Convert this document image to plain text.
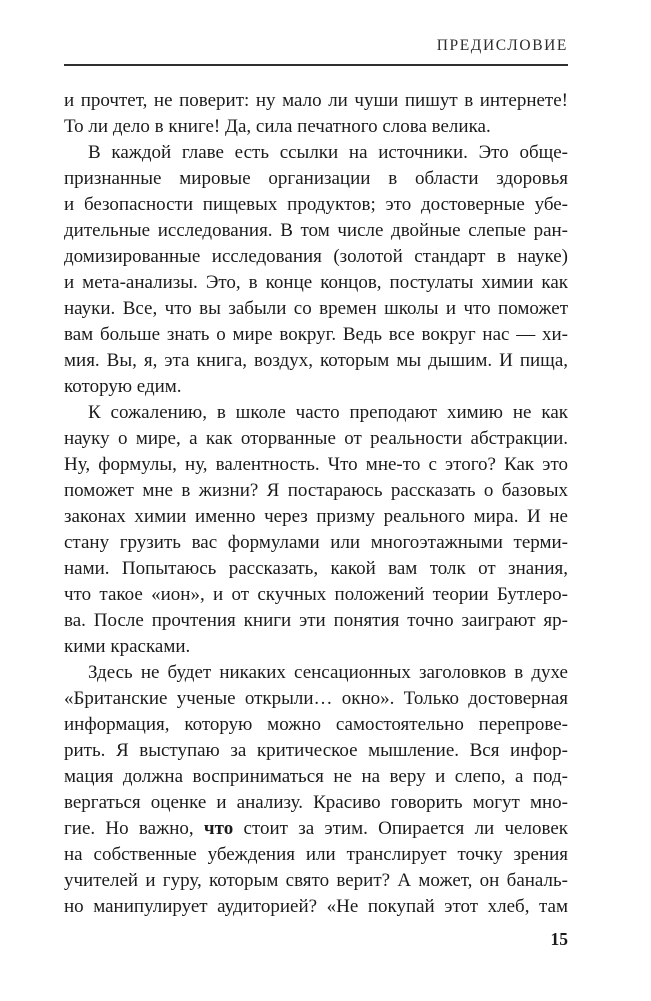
ПРЕДИСЛОВИЕ
и прочтет, не поверит: ну мало ли чуши пишут в интернете!
То ли дело в книге! Да, сила печатного слова велика.
В каждой главе есть ссылки на источники. Это обще-
признанные мировые организации в области здоровья
и безопасности пищевых продуктов; это достоверные убе-
дительные исследования. В том числе двойные слепые ран-
домизированные исследования (золотой стандарт в науке)
и мета-анализы. Это, в конце концов, постулаты химии как
науки. Все, что вы забыли со времен школы и что поможет
вам больше знать о мире вокруг. Ведь все вокруг нас — хи-
мия. Вы, я, эта книга, воздух, которым мы дышим. И пища,
которую едим.
К сожалению, в школе часто преподают химию не как
науку о мире, а как оторванные от реальности абстракции.
Ну, формулы, ну, валентность. Что мне-то с этого? Как это
поможет мне в жизни? Я постараюсь рассказать о базовых
законах химии именно через призму реального мира. И не
стану грузить вас формулами или многоэтажными терми-
нами. Попытаюсь рассказать, какой вам толк от знания,
что такое «ион», и от скучных положений теории Бутлеро-
ва. После прочтения книги эти понятия точно заиграют яр-
кими красками.
Здесь не будет никаких сенсационных заголовков в духе
«Британские ученые открыли… окно». Только достоверная
информация, которую можно самостоятельно перепрове-
рить. Я выступаю за критическое мышление. Вся инфор-
мация должна восприниматься не на веру и слепо, а под-
вергаться оценке и анализу. Красиво говорить могут мно-
гие. Но важно, что стоит за этим. Опирается ли человек
на собственные убеждения или транслирует точку зрения
учителей и гуру, которым свято верит? А может, он баналь-
но манипулирует аудиторией? «Не покупай этот хлеб, там
15
